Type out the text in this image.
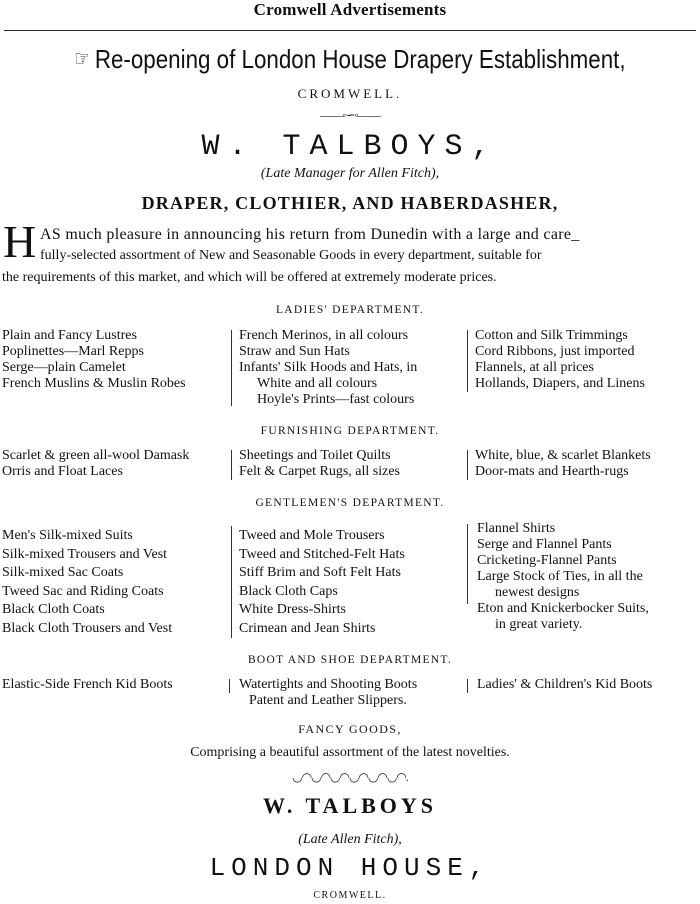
Cromwell Advertisements
☞ Re-opening of London House Drapery Establishment,
CROMWELL.
——◦∽◦——
W. TALBOYS,
(Late Manager for Allen Fitch),
DRAPER, CLOTHIER, AND HABERDASHER,
H AS much pleasure in announcing his return from Dunedin with a large and care_
fully-selected assortment of New and Seasonable Goods in every department, suitable for
the requirements of this market, and which will be offered at extremely moderate prices.
LADIES' DEPARTMENT.
Plain and Fancy Lustres
Poplinettes—Marl Repps
Serge—plain Camelet
French Muslins & Muslin Robes
French Merinos, in all colours
Straw and Sun Hats
Infants' Silk Hoods and Hats, in
White and all colours
Hoyle's Prints—fast colours
Cotton and Silk Trimmings
Cord Ribbons, just imported
Flannels, at all prices
Hollands, Diapers, and Linens
FURNISHING DEPARTMENT.
Scarlet & green all-wool Damask
Orris and Float Laces
Sheetings and Toilet Quilts
Felt & Carpet Rugs, all sizes
White, blue, & scarlet Blankets
Door-mats and Hearth-rugs
GENTLEMEN'S DEPARTMENT.
Men's Silk-mixed Suits
Silk-mixed Trousers and Vest
Silk-mixed Sac Coats
Tweed Sac and Riding Coats
Black Cloth Coats
Black Cloth Trousers and Vest
Tweed and Mole Trousers
Tweed and Stitched-Felt Hats
Stiff Brim and Soft Felt Hats
Black Cloth Caps
White Dress-Shirts
Crimean and Jean Shirts
Flannel Shirts
Serge and Flannel Pants
Cricketing-Flannel Pants
Large Stock of Ties, in all the
newest designs
Eton and Knickerbocker Suits,
in great variety.
BOOT AND SHOE DEPARTMENT.
Elastic-Side French Kid Boots	Watertights and Shooting Boots
Patent and Leather Slippers.
Ladies' & Children's Kid Boots
FANCY GOODS,
Comprising a beautiful assortment of the latest novelties.
◡◠◡◠◡◠◡◠◡◠◡◠.
W. TALBOYS
(Late Allen Fitch),
LONDON HOUSE,
CROMWELL.
